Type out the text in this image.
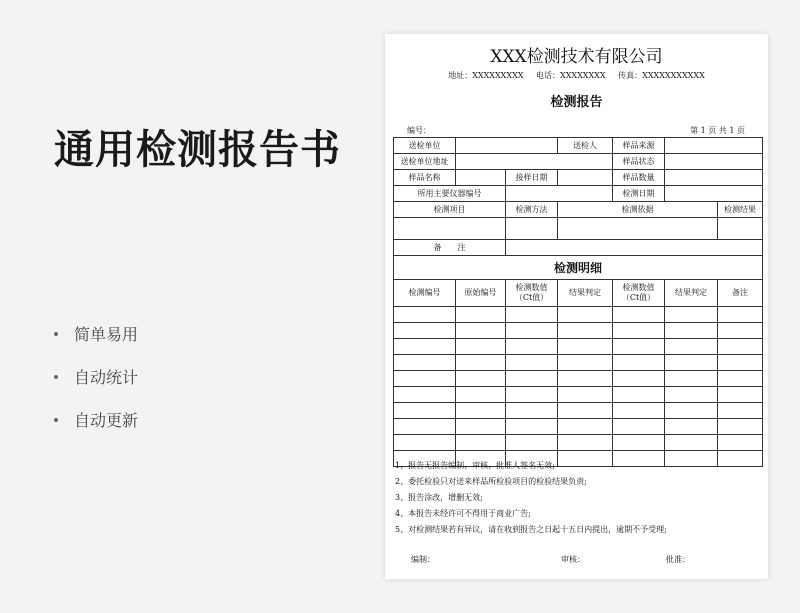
通用检测报告书
简单易用
自动统计
自动更新
XXX检测技术有限公司
地址：XXXXXXXXX 电话：XXXXXXXX 传真：XXXXXXXXXXX
检测报告
编号：	第 1 页 共 1 页
送检单位			送检人	样品来源		
送检单位地址				样品状态		
样品名称		接样日期		样品数量		
所用主要仪器编号				检测日期		
检测项目		检测方法	检测依据			检测结果

备　　注						
检测明细						
检测编号	原始编号	检测数值（Ct值）	结果判定	检测数值（Ct值）	结果判定	备注

1、报告无报告编制、审核、批准人签名无效;
2、委托检验只对送来样品所检验项目的检验结果负责;
3、报告涂改，增删无效;
4、本报告未经许可不得用于商业广告;
5、对检测结果若有异议，请在收到报告之日起十五日内提出，逾期不予受理;
编制：	审核：	批准：
